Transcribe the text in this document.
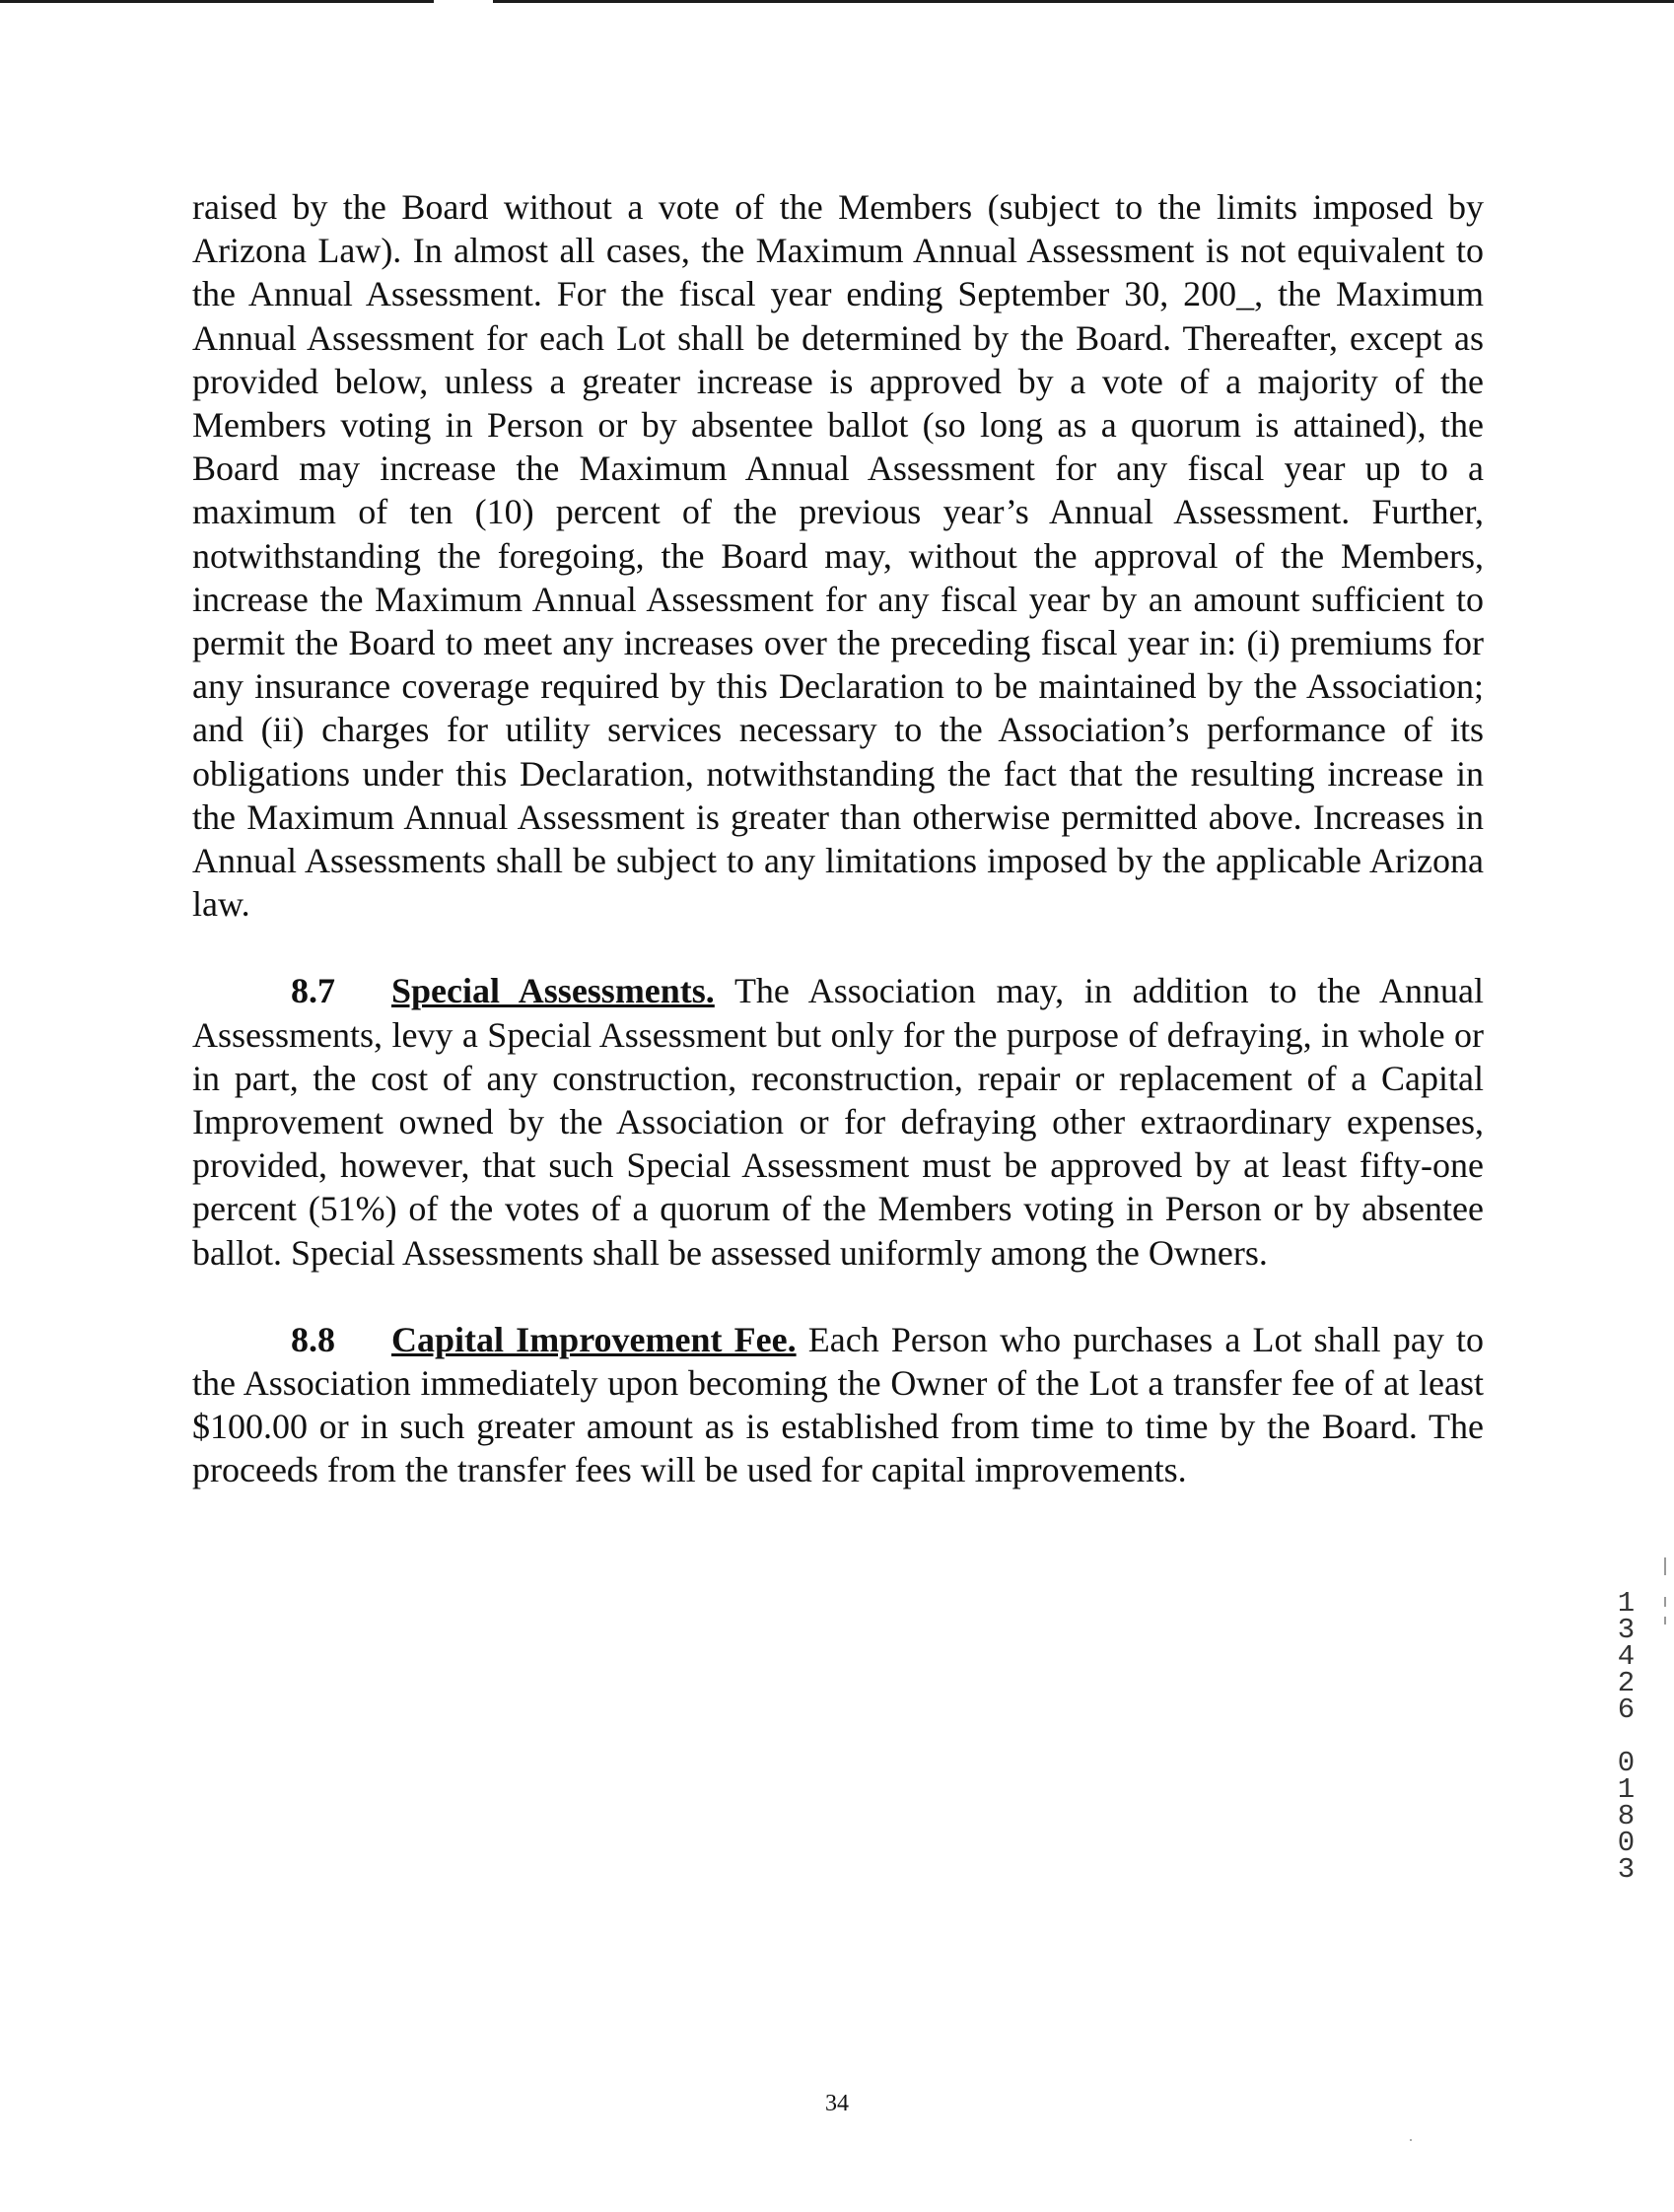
raised by the Board without a vote of the Members (subject to the limits imposed by Arizona Law). In almost all cases, the Maximum Annual Assessment is not equivalent to the Annual Assessment. For the fiscal year ending September 30, 200_, the Maximum Annual Assessment for each Lot shall be determined by the Board. Thereafter, except as provided below, unless a greater increase is approved by a vote of a majority of the Members voting in Person or by absentee ballot (so long as a quorum is attained), the Board may increase the Maximum Annual Assessment for any fiscal year up to a maximum of ten (10) percent of the previous year’s Annual Assessment. Further, notwithstanding the foregoing, the Board may, without the approval of the Members, increase the Maximum Annual Assessment for any fiscal year by an amount sufficient to permit the Board to meet any increases over the preceding fiscal year in: (i) premiums for any insurance coverage required by this Declaration to be maintained by the Association; and (ii) charges for utility services necessary to the Association’s performance of its obligations under this Declaration, notwithstanding the fact that the resulting increase in the Maximum Annual Assessment is greater than otherwise permitted above. Increases in Annual Assessments shall be subject to any limitations imposed by the applicable Arizona law.

8.7 Special Assessments. The Association may, in addition to the Annual Assessments, levy a Special Assessment but only for the purpose of defraying, in whole or in part, the cost of any construction, reconstruction, repair or replacement of a Capital Improvement owned by the Association or for defraying other extraordinary expenses, provided, however, that such Special Assessment must be approved by at least fifty-one percent (51%) of the votes of a quorum of the Members voting in Person or by absentee ballot. Special Assessments shall be assessed uniformly among the Owners.

8.8 Capital Improvement Fee. Each Person who purchases a Lot shall pay to the Association immediately upon becoming the Owner of the Lot a transfer fee of at least $100.00 or in such greater amount as is established from time to time by the Board. The proceeds from the transfer fees will be used for capital improvements.

13426 01803
34
